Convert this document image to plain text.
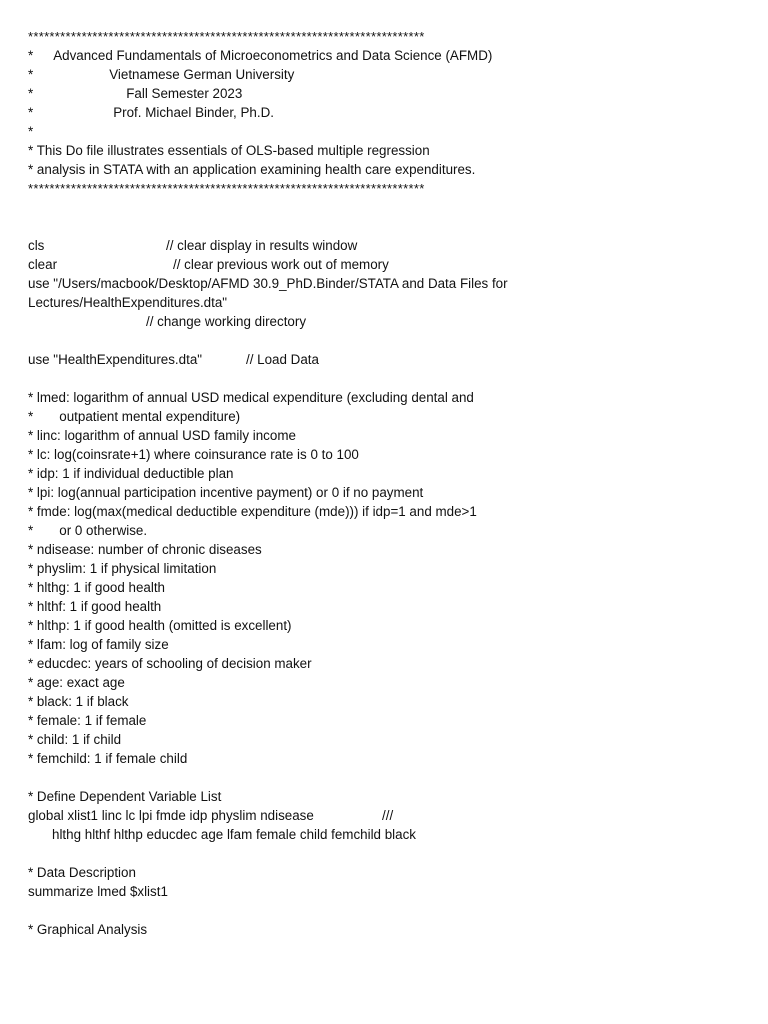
**************************************************************************
* Advanced Fundamentals of Microeconometrics and Data Science (AFMD)
*	Vietnamese German University
*	Fall Semester 2023
*	Prof. Michael Binder, Ph.D.
*
* This Do file illustrates essentials of OLS-based multiple regression
* analysis in STATA with an application examining health care expenditures.
**************************************************************************
cls	// clear display in results window
clear	// clear previous work out of memory
use "/Users/macbook/Desktop/AFMD 30.9_PhD.Binder/STATA and Data Files for
Lectures/HealthExpenditures.dta"
// change working directory
use "HealthExpenditures.dta"	// Load Data
* lmed: logarithm of annual USD medical expenditure (excluding dental and
*       outpatient mental expenditure)
* linc: logarithm of annual USD family income
* lc: log(coinsrate+1) where coinsurance rate is 0 to 100
* idp: 1 if individual deductible plan
* lpi: log(annual participation incentive payment) or 0 if no payment
* fmde: log(max(medical deductible expenditure (mde))) if idp=1 and mde>1
*       or 0 otherwise.
* ndisease: number of chronic diseases
* physlim: 1 if physical limitation
* hlthg: 1 if good health
* hlthf: 1 if good health
* hlthp: 1 if good health (omitted is excellent)
* lfam: log of family size
* educdec: years of schooling of decision maker
* age: exact age
* black: 1 if black
* female: 1 if female
* child: 1 if child
* femchild: 1 if female child
* Define Dependent Variable List
global xlist1 linc lc lpi fmde idp physlim ndisease	///
hlthg hlthf hlthp educdec age lfam female child femchild black
* Data Description
summarize lmed $xlist1
* Graphical Analysis
